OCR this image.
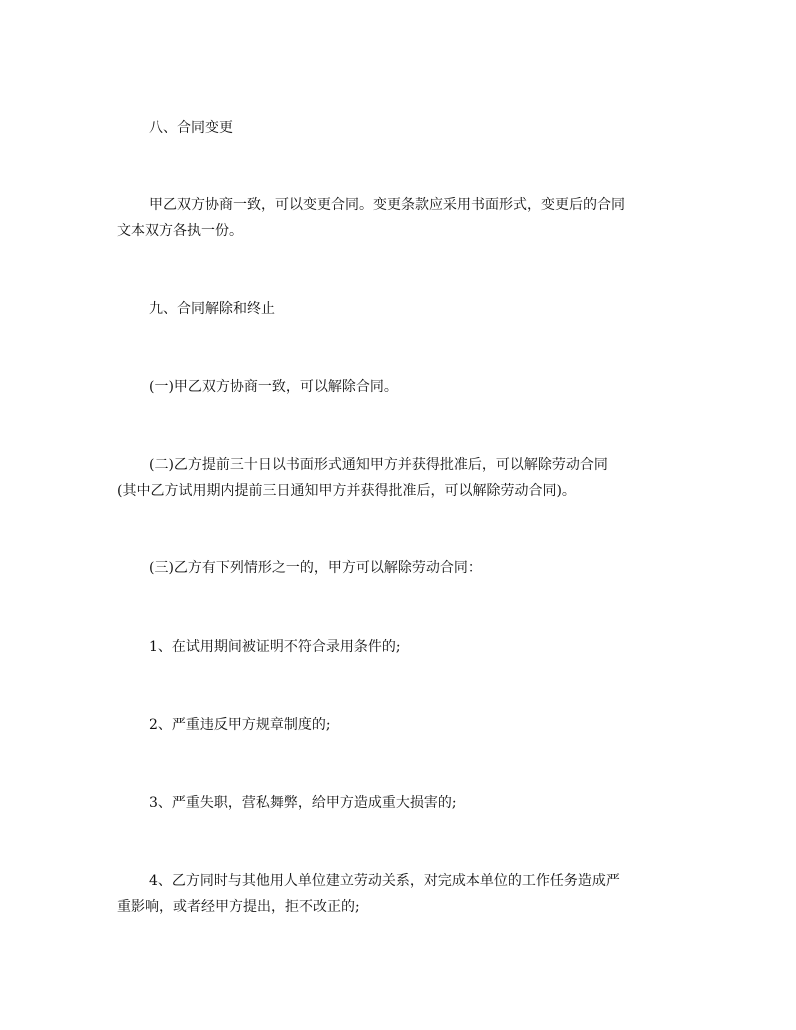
八、合同变更
甲乙双方协商一致，可以变更合同。变更条款应采用书面形式，变更后的合同
文本双方各执一份。
九、合同解除和终止
(一)甲乙双方协商一致，可以解除合同。
(二)乙方提前三十日以书面形式通知甲方并获得批准后，可以解除劳动合同
(其中乙方试用期内提前三日通知甲方并获得批准后，可以解除劳动合同)。
(三)乙方有下列情形之一的，甲方可以解除劳动合同：
1、在试用期间被证明不符合录用条件的;
2、严重违反甲方规章制度的;
3、严重失职，营私舞弊，给甲方造成重大损害的;
4、乙方同时与其他用人单位建立劳动关系，对完成本单位的工作任务造成严
重影响，或者经甲方提出，拒不改正的;
